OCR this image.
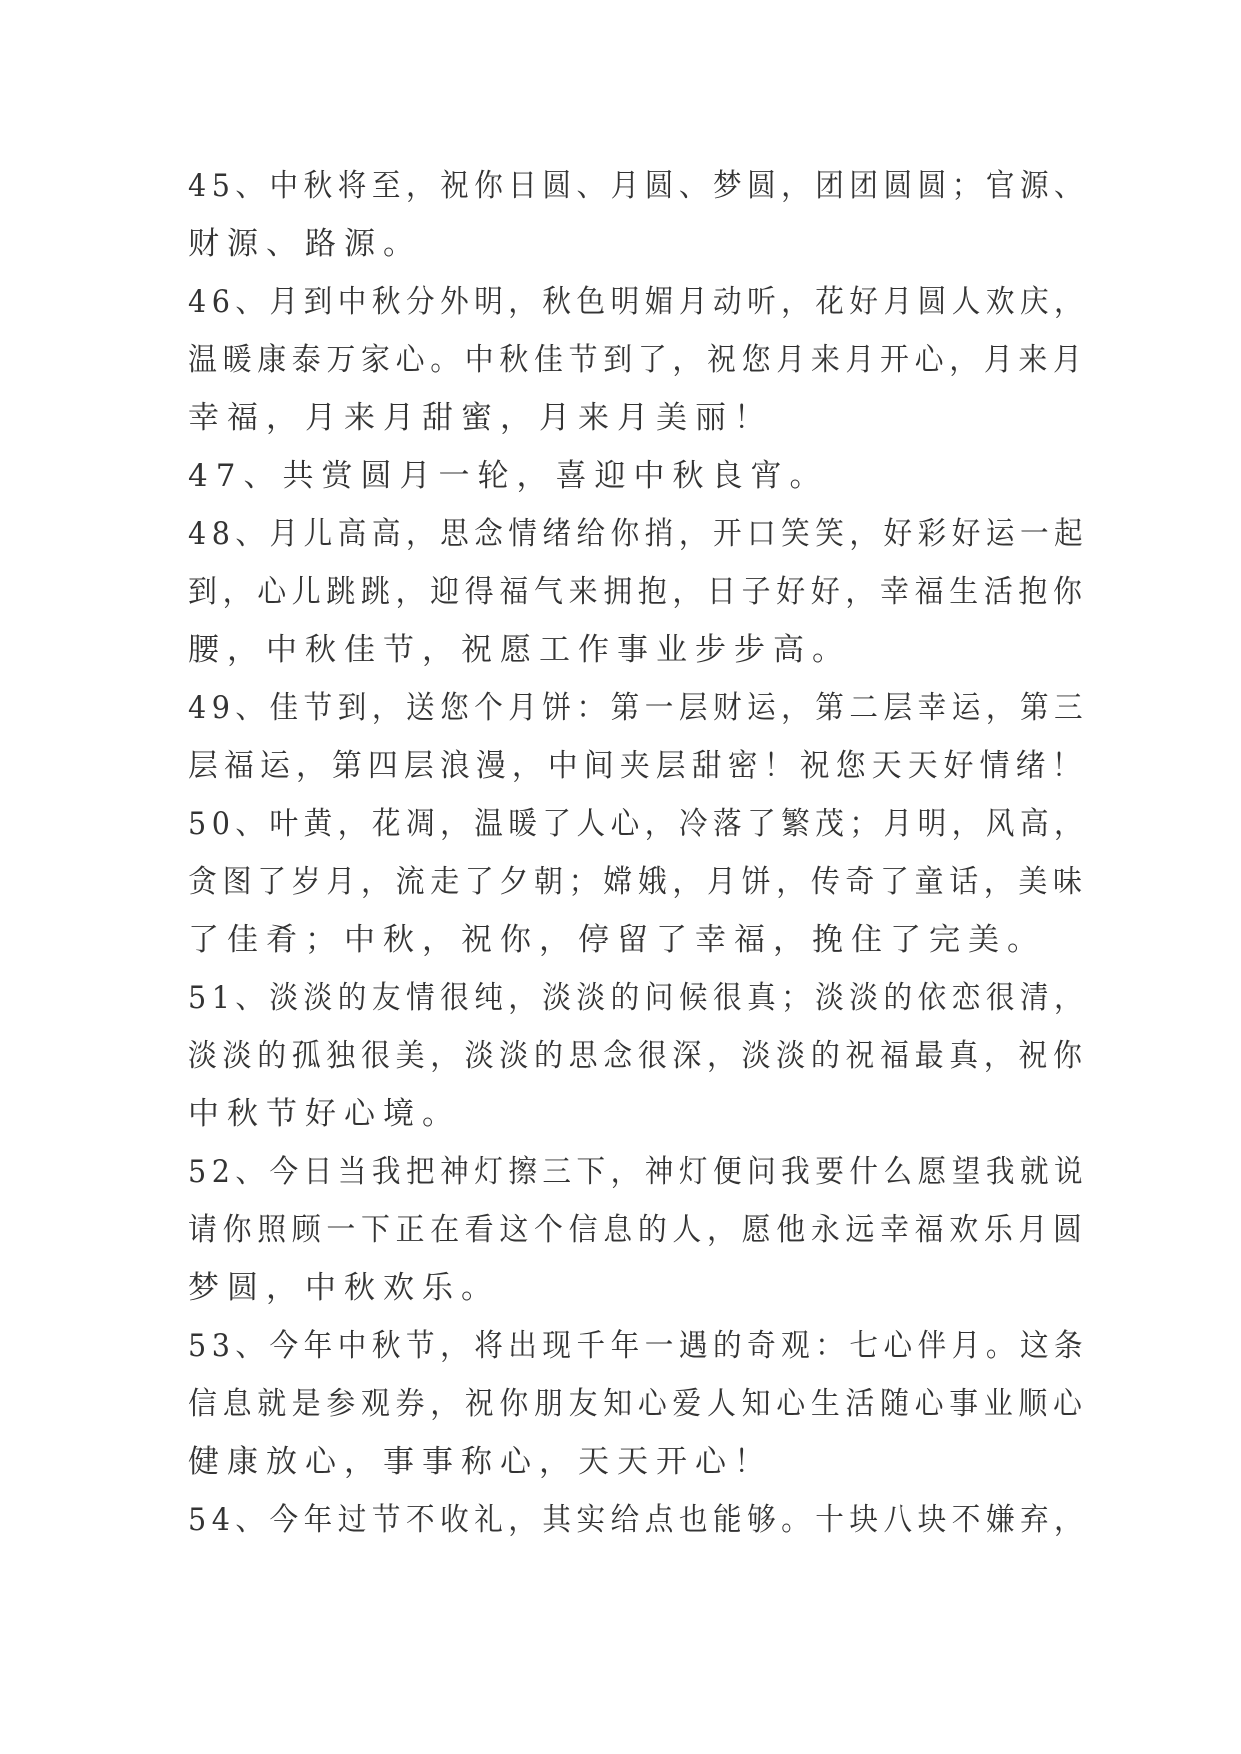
45、中秋将至，祝你日圆、月圆、梦圆，团团圆圆；官源、
财源、路源。
46、月到中秋分外明，秋色明媚月动听，花好月圆人欢庆，
温暖康泰万家心。中秋佳节到了，祝您月来月开心，月来月
幸福，月来月甜蜜，月来月美丽！
47、共赏圆月一轮，喜迎中秋良宵。
48、月儿高高，思念情绪给你捎，开口笑笑，好彩好运一起
到，心儿跳跳，迎得福气来拥抱，日子好好，幸福生活抱你
腰，中秋佳节，祝愿工作事业步步高。
49、佳节到，送您个月饼：第一层财运，第二层幸运，第三
层福运，第四层浪漫，中间夹层甜密！祝您天天好情绪！
50、叶黄，花凋，温暖了人心，冷落了繁茂；月明，风高，
贪图了岁月，流走了夕朝；嫦娥，月饼，传奇了童话，美味
了佳肴；中秋，祝你，停留了幸福，挽住了完美。
51、淡淡的友情很纯，淡淡的问候很真；淡淡的依恋很清，
淡淡的孤独很美，淡淡的思念很深，淡淡的祝福最真，祝你
中秋节好心境。
52、今日当我把神灯擦三下，神灯便问我要什么愿望我就说
请你照顾一下正在看这个信息的人，愿他永远幸福欢乐月圆
梦圆，中秋欢乐。
53、今年中秋节，将出现千年一遇的奇观：七心伴月。这条
信息就是参观券，祝你朋友知心爱人知心生活随心事业顺心
健康放心，事事称心，天天开心！
54、今年过节不收礼，其实给点也能够。十块八块不嫌弃，
